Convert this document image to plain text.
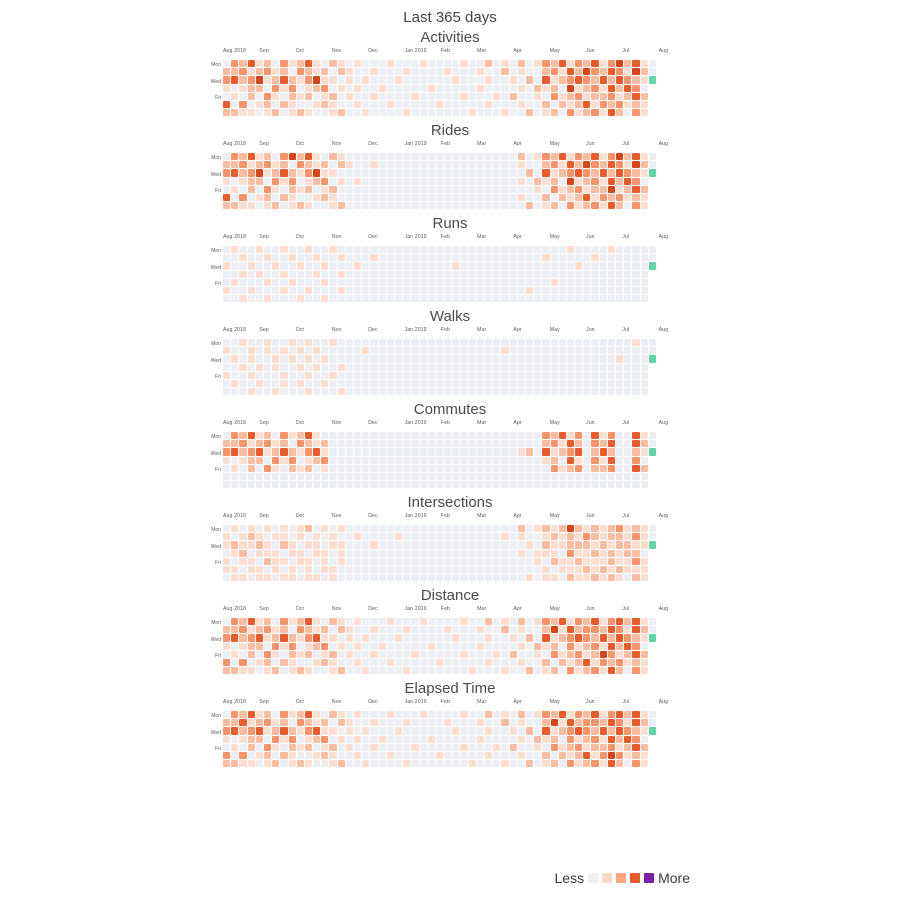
Last 365 days
Activities
Aug 2018	Sep	Oct	Nov	Dec	Jan 2019	Feb	Mar	Apr	May	Jun	Jul	Aug
Mon
Wed
Fri
Rides
Aug 2018	Sep	Oct	Nov	Dec	Jan 2019	Feb	Mar	Apr	May	Jun	Jul	Aug
Mon
Wed
Fri
Runs
Aug 2018	Sep	Oct	Nov	Dec	Jan 2019	Feb	Mar	Apr	May	Jun	Jul	Aug
Mon
Wed
Fri
Walks
Aug 2018	Sep	Oct	Nov	Dec	Jan 2019	Feb	Mar	Apr	May	Jun	Jul	Aug
Mon
Wed
Fri
Commutes
Aug 2018	Sep	Oct	Nov	Dec	Jan 2019	Feb	Mar	Apr	May	Jun	Jul	Aug
Mon
Wed
Fri
Intersections
Aug 2018	Sep	Oct	Nov	Dec	Jan 2019	Feb	Mar	Apr	May	Jun	Jul	Aug
Mon
Wed
Fri
Distance
Aug 2018	Sep	Oct	Nov	Dec	Jan 2019	Feb	Mar	Apr	May	Jun	Jul	Aug
Mon
Wed
Fri
Elapsed Time
Aug 2018	Sep	Oct	Nov	Dec	Jan 2019	Feb	Mar	Apr	May	Jun	Jul	Aug
Mon
Wed
Fri
Less	More
